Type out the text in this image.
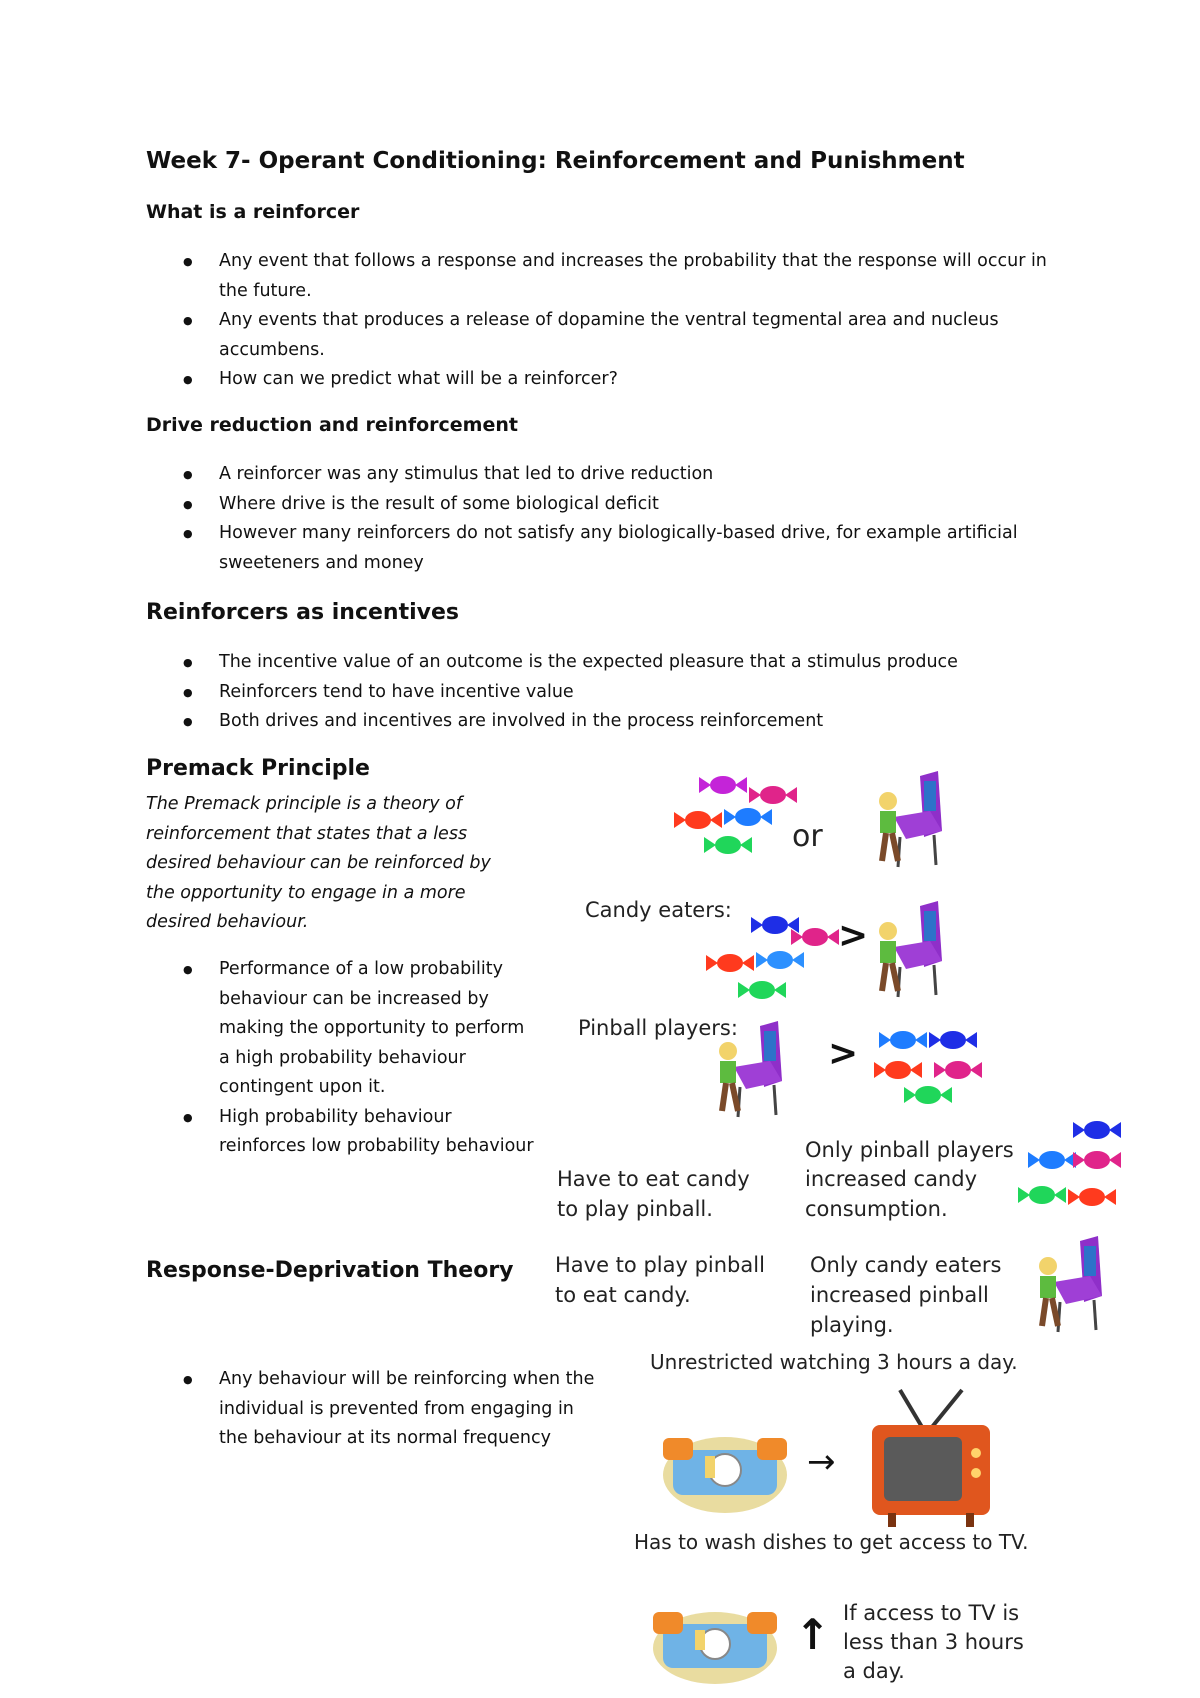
Week 7- Operant Conditioning: Reinforcement and Punishment
What is a reinforcer
● Any event that follows a response and increases the probability that the response will occur in the future.
● Any events that produces a release of dopamine the ventral tegmental area and nucleus accumbens.
● How can we predict what will be a reinforcer?
Drive reduction and reinforcement
● A reinforcer was any stimulus that led to drive reduction
● Where drive is the result of some biological deficit
● However many reinforcers do not satisfy any biologically-based drive, for example artificial sweeteners and money
Reinforcers as incentives
● The incentive value of an outcome is the expected pleasure that a stimulus produce
● Reinforcers tend to have incentive value
● Both drives and incentives are involved in the process reinforcement
Premack Principle
The Premack principle is a theory of reinforcement that states that a less desired behaviour can be reinforced by the opportunity to engage in a more desired behaviour.
● Performance of a low probability behaviour can be increased by making the opportunity to perform a high probability behaviour contingent upon it.
● High probability behaviour reinforces low probability behaviour
Response-Deprivation Theory
● Any behaviour will be reinforcing when the individual is prevented from engaging in the behaviour at its normal frequency
or
Candy eaters:
>
Pinball players:
>
Have to eat candy
to play pinball.
Only pinball players
increased candy
consumption.
Have to play pinball
to eat candy.
Only candy eaters
increased pinball
playing.
Unrestricted watching 3 hours a day.
→
Has to wash dishes to get access to TV.
↑ If access to TV is
less than 3 hours
a day.
